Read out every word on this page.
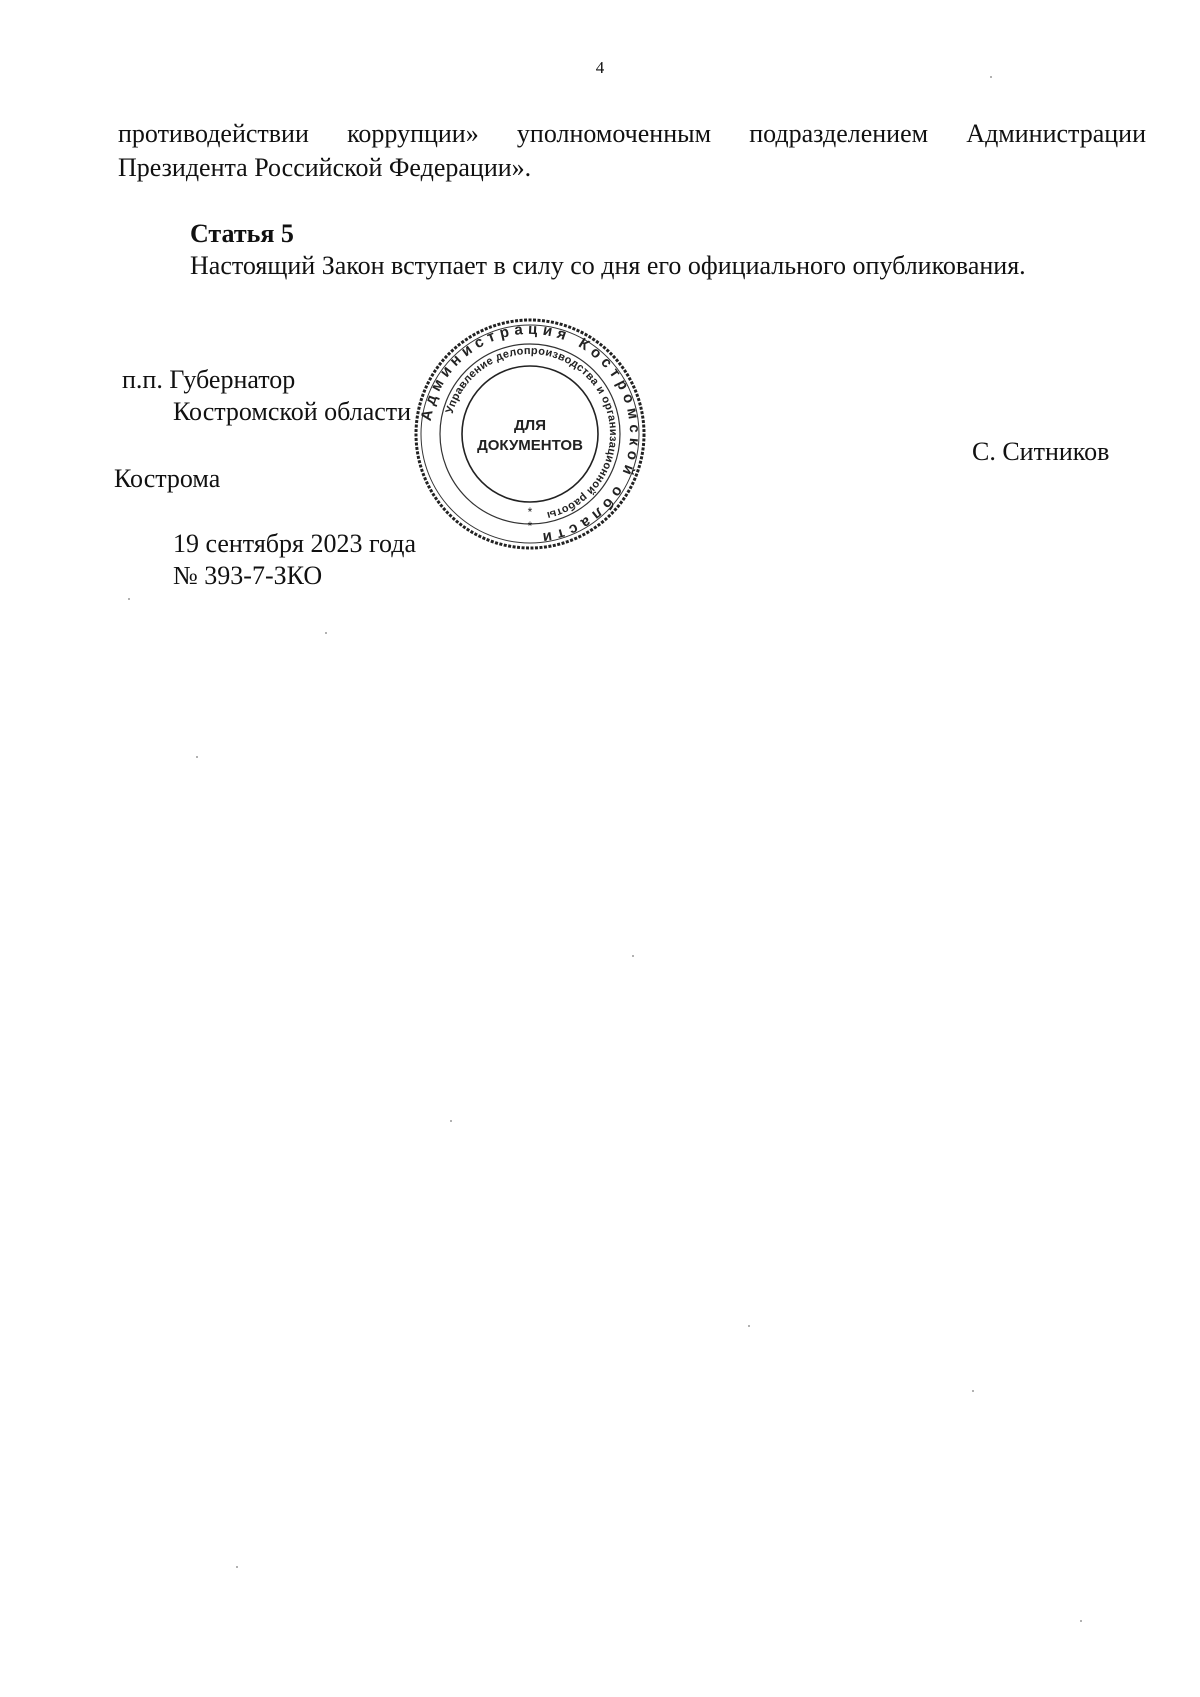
4
противодействии коррупции» уполномоченным подразделением Администрации
Президента Российской Федерации».
Статья 5
Настоящий Закон вступает в силу со дня его официального опубликования.
п.п. Губернатор
Костромской области
С. Ситников
Кострома
19 сентября 2023 года
№ 393-7-ЗКО
Администрация Костромской области
Управление делопроизводства и организационной работы
ДЛЯ
ДОКУМЕНТОВ
*
*
